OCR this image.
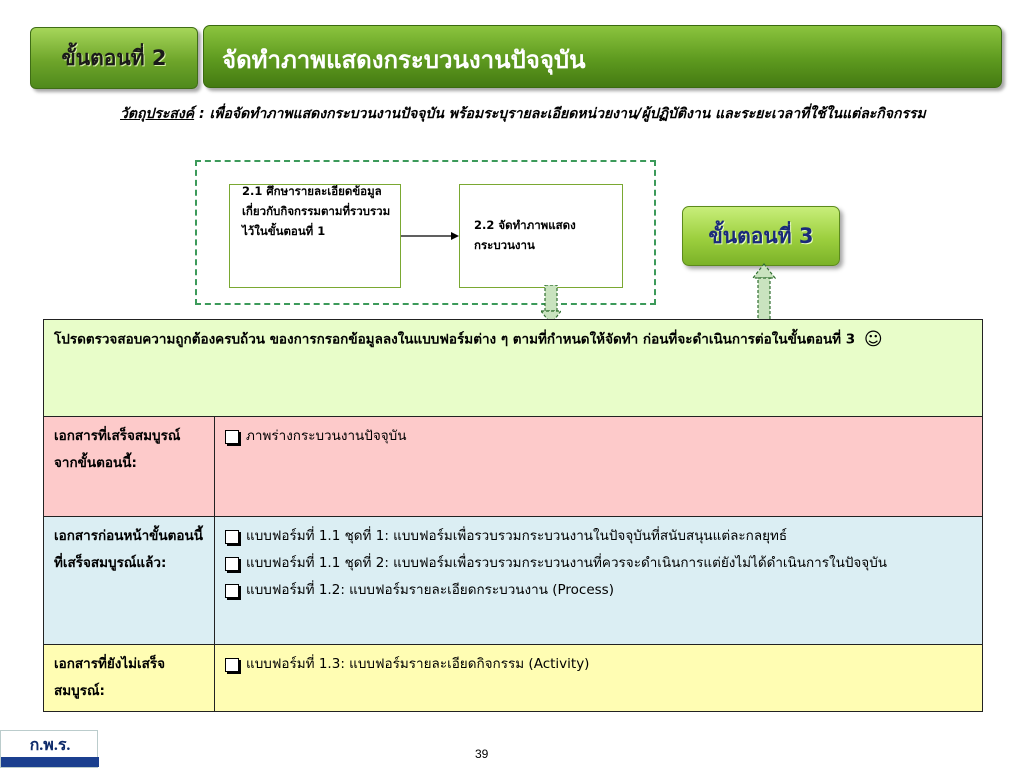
ขั้นตอนที่ 2 จัดทำภาพแสดงกระบวนงานปัจจุบัน
วัตถุประสงค์ : เพื่อจัดทำภาพแสดงกระบวนงานปัจจุบัน พร้อมระบุรายละเอียดหน่วยงาน/ผู้ปฏิบัติงาน และระยะเวลาที่ใช้ในแต่ละกิจกรรม
2.1 ศึกษารายละเอียดข้อมูลเกี่ยวกับกิจกรรมตามที่รวบรวมไว้ในขั้นตอนที่ 1	2.2 จัดทำภาพแสดงกระบวนงาน	ขั้นตอนที่ 3
โปรดตรวจสอบความถูกต้องครบถ้วน ของการกรอกข้อมูลลงในแบบฟอร์มต่าง ๆ ตามที่กำหนดให้จัดทำ ก่อนที่จะดำเนินการต่อในขั้นตอนที่ 3 ☺	
เอกสารที่เสร็จสมบูรณ์ จากขั้นตอนนี้:	ภาพร่างกระบวนงานปัจจุบัน

เอกสารก่อนหน้าขั้นตอนนี้ที่เสร็จสมบูรณ์แล้ว:	แบบฟอร์มที่ 1.1 ชุดที่ 1: แบบฟอร์มเพื่อรวบรวมกระบวนงานในปัจจุบันที่สนับสนุนแต่ละกลยุทธ์
แบบฟอร์มที่ 1.1 ชุดที่ 2: แบบฟอร์มเพื่อรวบรวมกระบวนงานที่ควรจะดำเนินการแต่ยังไม่ได้ดำเนินการในปัจจุบัน
แบบฟอร์มที่ 1.2: แบบฟอร์มรายละเอียดกระบวนงาน (Process)

เอกสารที่ยังไม่เสร็จสมบูรณ์:	แบบฟอร์มที่ 1.3: แบบฟอร์มรายละเอียดกิจกรรม (Activity)
ก.พ.ร.	39
